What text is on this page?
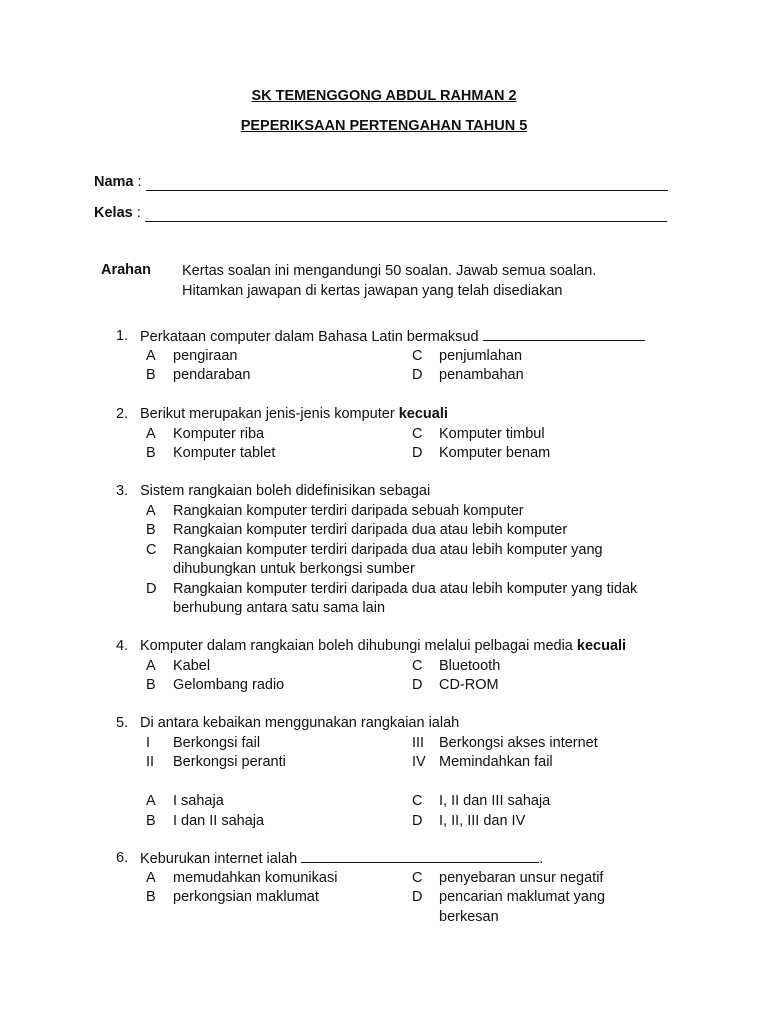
SK TEMENGGONG ABDUL RAHMAN 2
PEPERIKSAAN PERTENGAHAN TAHUN 5
Nama :
Kelas :
Arahan Kertas soalan ini mengandungi 50 soalan. Jawab semua soalan.
Hitamkan jawapan di kertas jawapan yang telah disediakan
1. Perkataan computer dalam Bahasa Latin bermaksud
A pengiraan	C penjumlahan
B pendaraban	D penambahan
2. Berikut merupakan jenis-jenis komputer kecuali
A Komputer riba	C Komputer timbul
B Komputer tablet	D Komputer benam
3. Sistem rangkaian boleh didefinisikan sebagai
A Rangkaian komputer terdiri daripada sebuah komputer
B Rangkaian komputer terdiri daripada dua atau lebih komputer
C Rangkaian komputer terdiri daripada dua atau lebih komputer yang
dihubungkan untuk berkongsi sumber
D Rangkaian komputer terdiri daripada dua atau lebih komputer yang tidak
berhubung antara satu sama lain
4. Komputer dalam rangkaian boleh dihubungi melalui pelbagai media kecuali
A Kabel	C Bluetooth
B Gelombang radio	D CD-ROM
5. Di antara kebaikan menggunakan rangkaian ialah
I Berkongsi fail	III Berkongsi akses internet
II Berkongsi peranti	IV Memindahkan fail
A I sahaja	C I, II dan III sahaja
B I dan II sahaja	D I, II, III dan IV
6. Keburukan internet ialah	.
A memudahkan komunikasi	C penyebaran unsur negatif
B perkongsian maklumat	D pencarian maklumat yang
berkesan
